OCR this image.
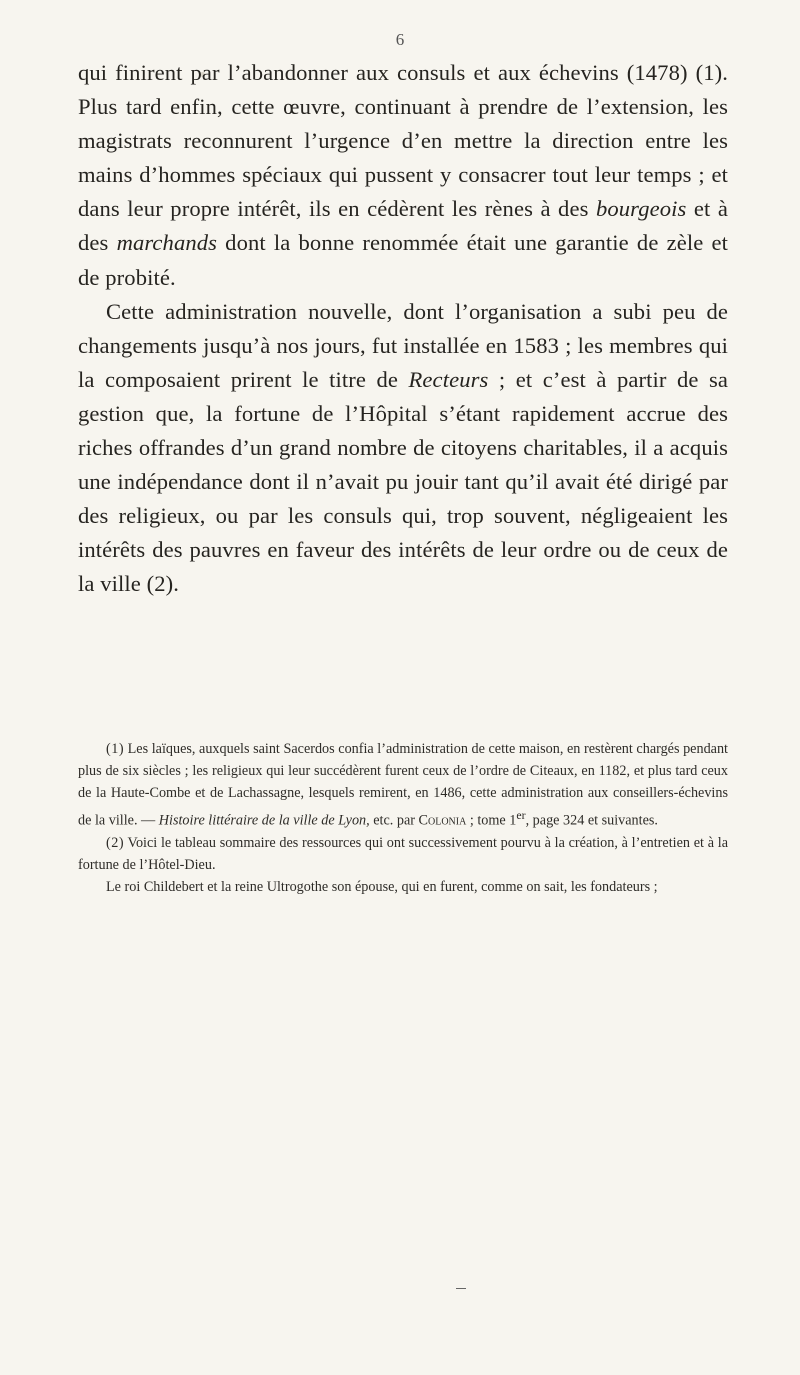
6

qui finirent par l’abandonner aux consuls et aux échevins (1478) (1). Plus tard enfin, cette œuvre, continuant à prendre de l’extension, les magistrats reconnurent l’urgence d’en mettre la direction entre les mains d’hommes spéciaux qui pussent y consacrer tout leur temps ; et dans leur propre intérêt, ils en cédèrent les rènes à des bourgeois et à des marchands dont la bonne renommée était une garantie de zèle et de probité.

Cette administration nouvelle, dont l’organisation a subi peu de changements jusqu’à nos jours, fut installée en 1583 ; les membres qui la composaient prirent le titre de Recteurs ; et c’est à partir de sa gestion que, la fortune de l’Hôpital s’étant rapidement accrue des riches offrandes d’un grand nombre de citoyens charitables, il a acquis une indépendance dont il n’avait pu jouir tant qu’il avait été dirigé par des religieux, ou par les consuls qui, trop souvent, négligeaient les intérêts des pauvres en faveur des intérêts de leur ordre ou de ceux de la ville (2).

(1) Les laïques, auxquels saint Sacerdos confia l’administration de cette maison, en restèrent chargés pendant plus de six siècles ; les religieux qui leur succédèrent furent ceux de l’ordre de Citeaux, en 1182, et plus tard ceux de la Haute-Combe et de Lachassagne, lesquels remirent, en 1486, cette administration aux conseillers-échevins de la ville. — Histoire littéraire de la ville de Lyon, etc. par Colonia ; tome 1er, page 324 et suivantes.

(2) Voici le tableau sommaire des ressources qui ont successivement pourvu à la création, à l’entretien et à la fortune de l’Hôtel-Dieu.

Le roi Childebert et la reine Ultrogothe son épouse, qui en furent, comme on sait, les fondateurs ;
